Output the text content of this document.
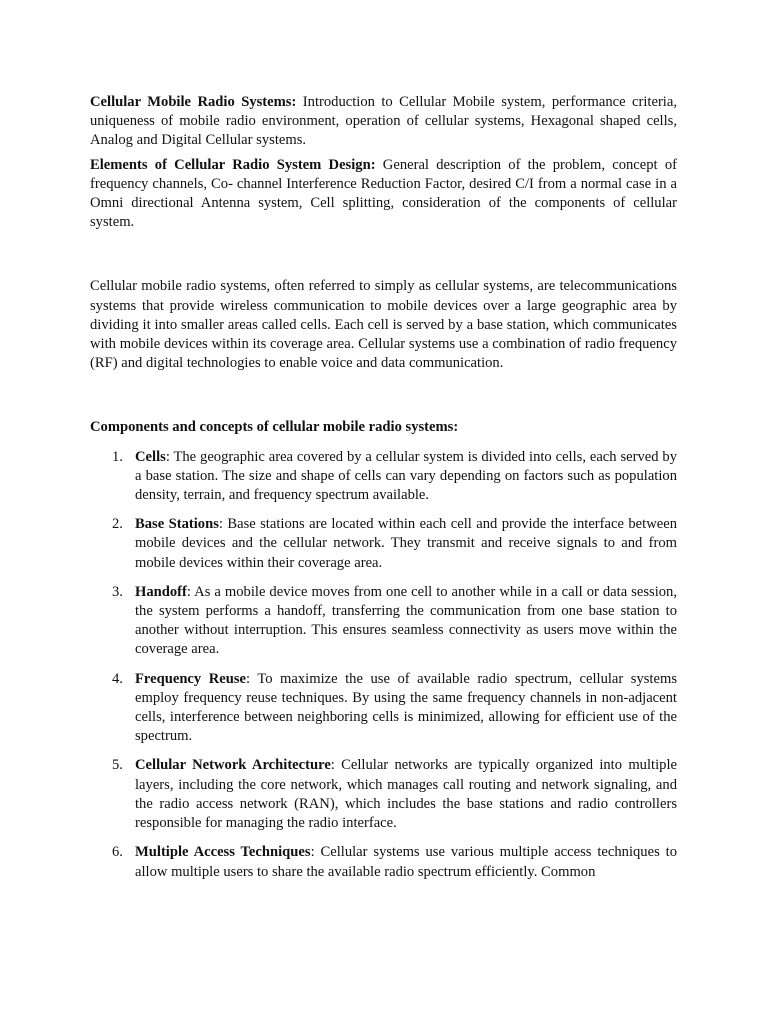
Cellular Mobile Radio Systems: Introduction to Cellular Mobile system, performance criteria, uniqueness of mobile radio environment, operation of cellular systems, Hexagonal shaped cells, Analog and Digital Cellular systems.

Elements of Cellular Radio System Design: General description of the problem, concept of frequency channels, Co- channel Interference Reduction Factor, desired C/I from a normal case in a Omni directional Antenna system, Cell splitting, consideration of the components of cellular system.

Cellular mobile radio systems, often referred to simply as cellular systems, are telecommunications systems that provide wireless communication to mobile devices over a large geographic area by dividing it into smaller areas called cells. Each cell is served by a base station, which communicates with mobile devices within its coverage area. Cellular systems use a combination of radio frequency (RF) and digital technologies to enable voice and data communication.

Components and concepts of cellular mobile radio systems:

1. Cells: The geographic area covered by a cellular system is divided into cells, each served by a base station. The size and shape of cells can vary depending on factors such as population density, terrain, and frequency spectrum available.
2. Base Stations: Base stations are located within each cell and provide the interface between mobile devices and the cellular network. They transmit and receive signals to and from mobile devices within their coverage area.
3. Handoff: As a mobile device moves from one cell to another while in a call or data session, the system performs a handoff, transferring the communication from one base station to another without interruption. This ensures seamless connectivity as users move within the coverage area.
4. Frequency Reuse: To maximize the use of available radio spectrum, cellular systems employ frequency reuse techniques. By using the same frequency channels in non-adjacent cells, interference between neighboring cells is minimized, allowing for efficient use of the spectrum.
5. Cellular Network Architecture: Cellular networks are typically organized into multiple layers, including the core network, which manages call routing and network signaling, and the radio access network (RAN), which includes the base stations and radio controllers responsible for managing the radio interface.
6. Multiple Access Techniques: Cellular systems use various multiple access techniques to allow multiple users to share the available radio spectrum efficiently. Common
